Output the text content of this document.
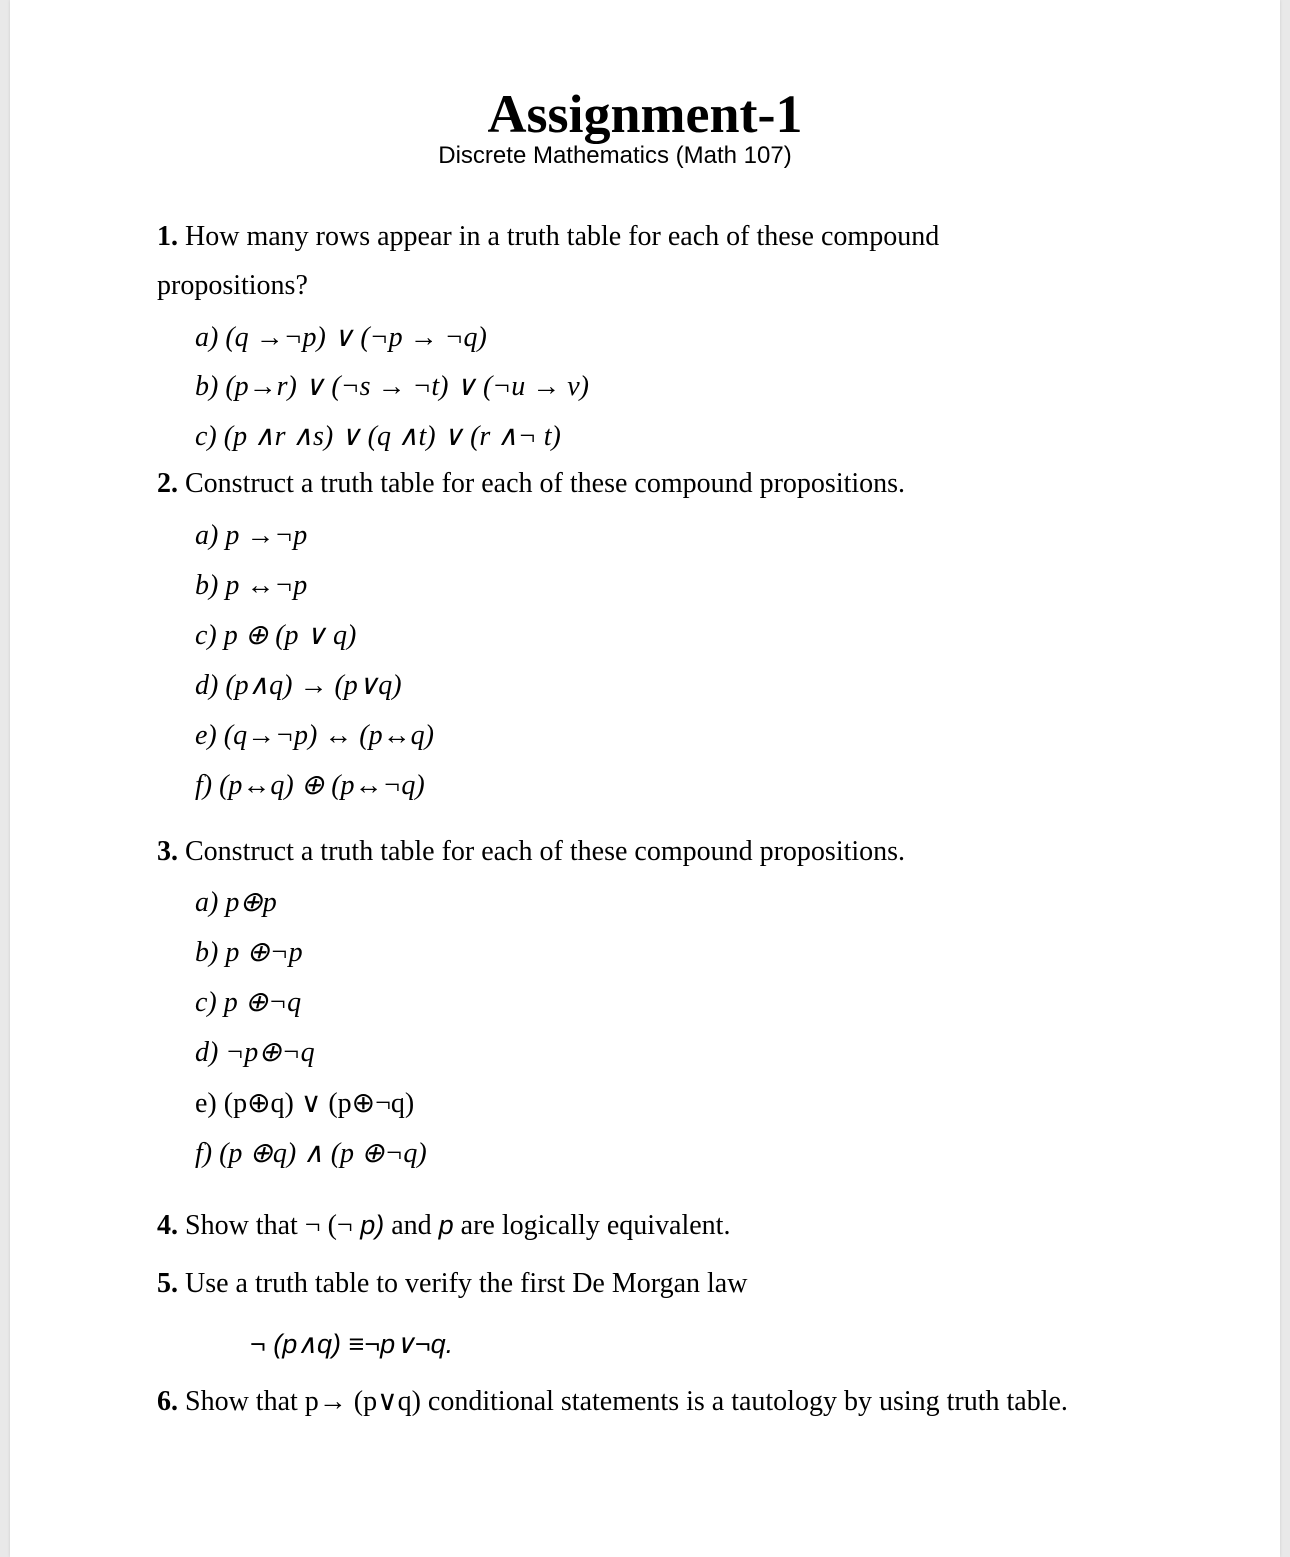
Assignment-1
Discrete Mathematics (Math 107)
1. How many rows appear in a truth table for each of these compound
propositions?
a) (q →¬p) ∨ (¬p → ¬q)
b) (p→r) ∨ (¬s → ¬t) ∨ (¬u → v)
c) (p ∧r ∧s) ∨ (q ∧t) ∨ (r ∧¬ t)
2. Construct a truth table for each of these compound propositions.
a) p →¬p
b) p ↔¬p
c) p ⊕ (p ∨ q)
d) (p∧q) → (p∨q)
e) (q→¬p) ↔ (p↔q)
f) (p↔q) ⊕ (p↔¬q)
3. Construct a truth table for each of these compound propositions.
a) p⊕p
b) p ⊕¬p
c) p ⊕¬q
d) ¬p⊕¬q
e) (p⊕q) ∨ (p⊕¬q)
f) (p ⊕q) ∧ (p ⊕¬q)
4. Show that ¬ (¬ p) and p are logically equivalent.
5. Use a truth table to verify the first De Morgan law
¬ (p∧q) ≡¬p∨¬q.
6. Show that p→ (p∨q) conditional statements is a tautology by using truth table.
